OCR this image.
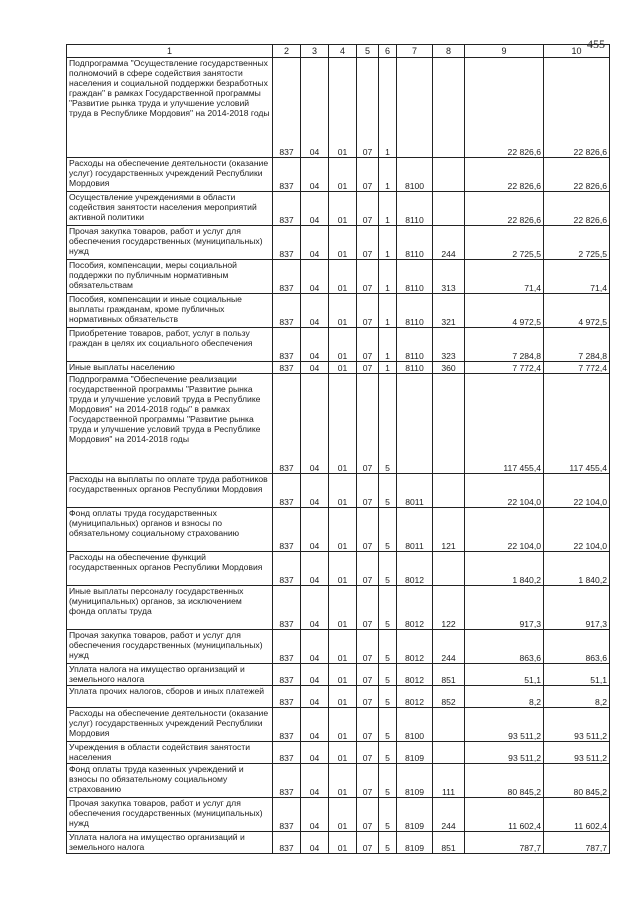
455
1	2	3	4	5	6	7	8	9	10
Подпрограмма "Осуществление государственных полномочий в сфере содействия занятости населения и социальной поддержки безработных граждан" в рамках Государственной программы "Развитие рынка труда и улучшение условий труда в Республике Мордовия" на 2014-2018 годы	837	04	01	07	1			22 826,6	22 826,6
Расходы на обеспечение деятельности (оказание услуг) государственных учреждений Республики Мордовия	837	04	01	07	1	8100		22 826,6	22 826,6
Осуществление учреждениями в области содействия занятости населения мероприятий активной политики	837	04	01	07	1	8110		22 826,6	22 826,6
Прочая закупка товаров, работ и услуг для обеспечения государственных (муниципальных) нужд	837	04	01	07	1	8110	244	2 725,5	2 725,5
Пособия, компенсации, меры социальной поддержки по публичным нормативным обязательствам	837	04	01	07	1	8110	313	71,4	71,4
Пособия, компенсации и иные социальные выплаты гражданам, кроме публичных нормативных обязательств	837	04	01	07	1	8110	321	4 972,5	4 972,5
Приобретение товаров, работ, услуг в пользу граждан в целях их социального обеспечения	837	04	01	07	1	8110	323	7 284,8	7 284,8
Иные выплаты населению	837	04	01	07	1	8110	360	7 772,4	7 772,4
Подпрограмма "Обеспечение реализации государственной программы "Развитие рынка труда и улучшение условий труда в Республике Мордовия" на 2014-2018 годы" в рамках Государственной программы "Развитие рынка труда и улучшение условий труда в Республике Мордовия" на 2014-2018 годы	837	04	01	07	5			117 455,4	117 455,4
Расходы на выплаты по оплате труда работников государственных органов Республики Мордовия	837	04	01	07	5	8011		22 104,0	22 104,0
Фонд оплаты труда государственных (муниципальных) органов и взносы по обязательному социальному страхованию	837	04	01	07	5	8011	121	22 104,0	22 104,0
Расходы на обеспечение функций государственных органов Республики Мордовия	837	04	01	07	5	8012		1 840,2	1 840,2
Иные выплаты персоналу государственных (муниципальных) органов, за исключением фонда оплаты труда	837	04	01	07	5	8012	122	917,3	917,3
Прочая закупка товаров, работ и услуг для обеспечения государственных (муниципальных) нужд	837	04	01	07	5	8012	244	863,6	863,6
Уплата налога на имущество организаций и земельного налога	837	04	01	07	5	8012	851	51,1	51,1
Уплата прочих налогов, сборов и иных платежей	837	04	01	07	5	8012	852	8,2	8,2
Расходы на обеспечение деятельности (оказание услуг) государственных учреждений Республики Мордовия	837	04	01	07	5	8100		93 511,2	93 511,2
Учреждения в области содействия занятости населения	837	04	01	07	5	8109		93 511,2	93 511,2
Фонд оплаты труда казенных учреждений и взносы по обязательному социальному страхованию	837	04	01	07	5	8109	111	80 845,2	80 845,2
Прочая закупка товаров, работ и услуг для обеспечения государственных (муниципальных) нужд	837	04	01	07	5	8109	244	11 602,4	11 602,4
Уплата налога на имущество организаций и земельного налога	837	04	01	07	5	8109	851	787,7	787,7
